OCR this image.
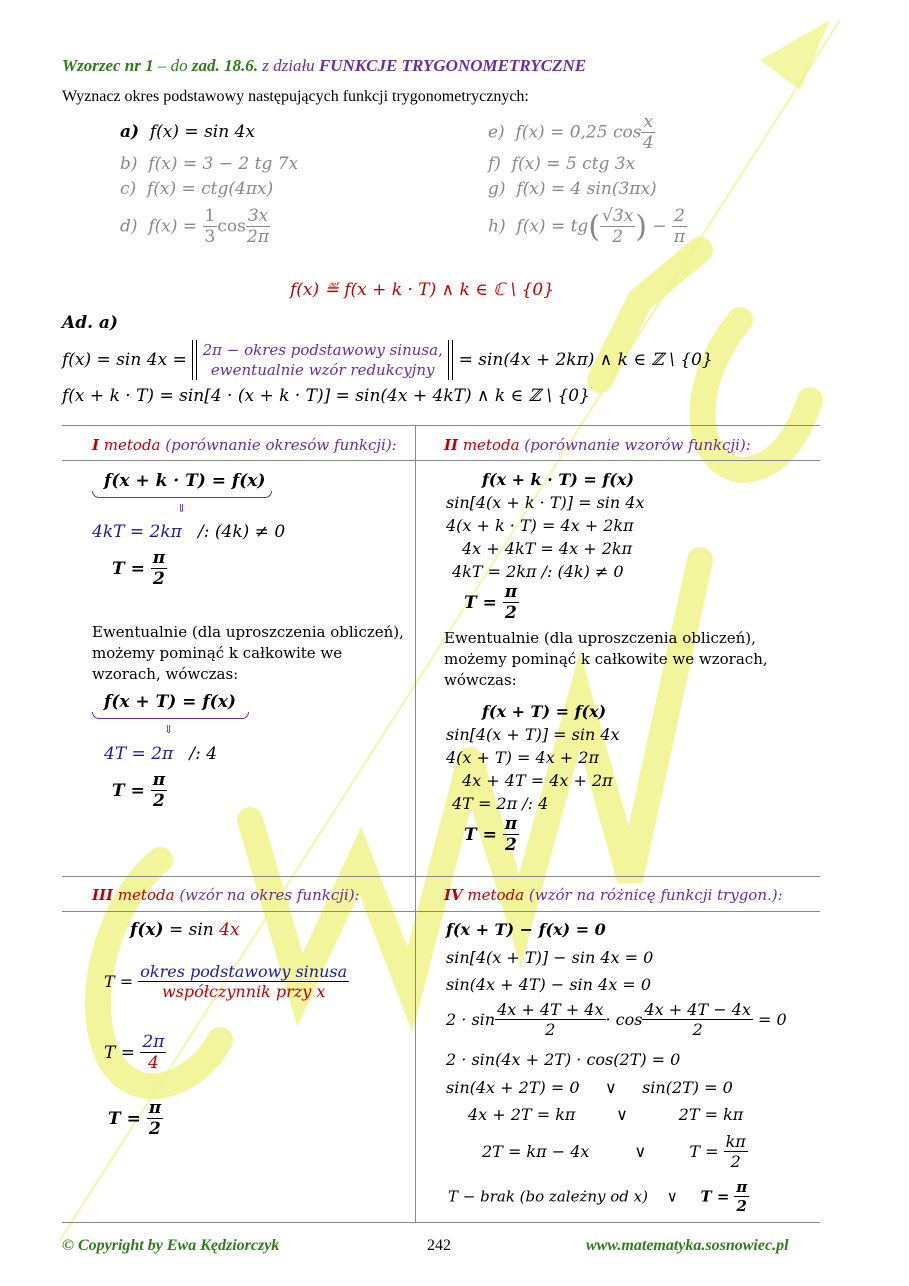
Wzorzec nr 1 – do zad. 18.6. z działu FUNKCJE TRYGONOMETRYCZNE
Wyznacz okres podstawowy następujących funkcji trygonometrycznych:
a) f(x) = sin 4x
b) f(x) = 3 − 2 tg 7x
c) f(x) = ctg(4πx)
d) $f(x) = \frac{1}{3}$ $\cos \frac{3x}{2\pi}$
e) f(x) = 0,25 $\cos \frac{x}{4}$
f) f(x) = 5 ctg 3x
g) f(x) = 4 sin(3πx)
h) $f(x) = tg( \frac{√3x}{2}$ ) − $\frac{2}{\pi}$
f(x) ≝ f(x + k · T) ∧ k ∈ ℂ \ {0}
Ad. a)
f(x) = sin 4x = 2π − okres podstawowy sinusa,
ewentualnie wzór redukcyjny	= sin(4x + 2kπ) ∧ k ∈ ℤ \ {0}
f(x + k · T) = sin[4 · (x + k · T)] = sin(4x + 4kT) ∧ k ∈ ℤ \ {0}
I metoda (porównanie okresów funkcji):
f(x + k · T) = f(x)
⇓
4kT = 2kπ /: (4k) ≠ 0
$T = \frac{\pi}{2}$
Ewentualnie (dla uproszczenia obliczeń),
możemy pominąć k całkowite we
wzorach, wówczas:
f(x + T) = f(x)
⇓
4T = 2π /: 4
$T = \frac{\pi}{2}$
II metoda (porównanie wzorów funkcji):
f(x + k · T) = f(x)
sin[4(x + k · T)] = sin 4x
4(x + k · T) = 4x + 2kπ
4x + 4kT = 4x + 2kπ
4kT = 2kπ /: (4k) ≠ 0
$T = \frac{\pi}{2}$
Ewentualnie (dla uproszczenia obliczeń),
możemy pominąć k całkowite we wzorach,
wówczas:
f(x + T) = f(x)
sin[4(x + T)] = sin 4x
4(x + T) = 4x + 2π
4x + 4T = 4x + 2π
4T = 2π /: 4
$T = \frac{\pi}{2}$
III metoda (wzór na okres funkcji):
f(x) = sin 4x
$T = \frac{\text{okres podstawowy sinusa}}{\text{współczynnik przy x}}$
$T = \frac{2\pi}{4}$
$T = \frac{\pi}{2}$
IV metoda (wzór na różnicę funkcji trygon.):
f(x + T) − f(x) = 0
sin[4(x + T)] − sin 4x = 0
sin(4x + 4T) − sin 4x = 0
$2 \cdot \sin \frac{4x + 4T + 4x}{2} \cdot \cos \frac{4x + 4T - 4x}{2} = 0$
2 · sin(4x + 2T) · cos(2T) = 0
sin(4x + 2T) = 0     ∨     sin(2T) = 0
4x + 2T = kπ        ∨          2T = kπ
2T = kπ − 4x	∨	$T = \frac{k\pi}{2}$
T − brak (bo zależny od x) ∨ $T = \frac{\pi}{2}$
© Copyright by Ewa Kędziorczyk	242	www.matematyka.sosnowiec.pl
